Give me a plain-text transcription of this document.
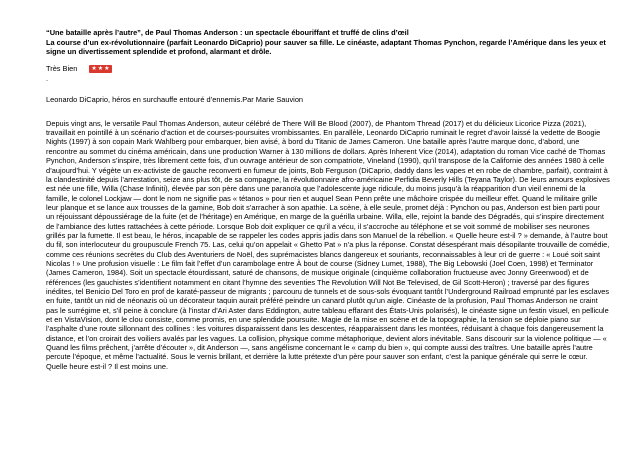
“Une bataille après l’autre”, de Paul Thomas Anderson : un spectacle ébouriffant et truffé de clins d’œil
La course d’un ex-révolutionnaire (parfait Leonardo DiCaprio) pour sauver sa fille. Le cinéaste, adaptant Thomas Pynchon, regarde l’Amérique dans les yeux et signe un divertissement splendide et profond, alarmant et drôle.

Très Bien ★ ★ ★
.
Leonardo DiCaprio, héros en surchauffe entouré d’ennemis.Par Marie Sauvion
Depuis vingt ans, le versatile Paul Thomas Anderson, auteur célébré de There Will Be Blood (2007), de Phantom Thread (2017) et du délicieux Licorice Pizza (2021), travaillait en pointillé à un scénario d’action et de courses-poursuites vrombissantes. En parallèle, Leonardo DiCaprio ruminait le regret d’avoir laissé la vedette de Boogie Nights (1997) à son copain Mark Wahlberg pour embarquer, bien avisé, à bord du Titanic de James Cameron. Une bataille après l’autre marque donc, d’abord, une rencontre au sommet du cinéma américain, dans une production Warner à 130 millions de dollars. Après Inherent Vice (2014), adaptation du roman Vice caché de Thomas Pynchon, Anderson s’inspire, très librement cette fois, d’un ouvrage antérieur de son compatriote, Vineland (1990), qu’il transpose de la Californie des années 1980 à celle d’aujourd’hui. Y végète un ex-activiste de gauche reconverti en fumeur de joints, Bob Ferguson (DiCaprio, daddy dans les vapes et en robe de chambre, parfait), contraint à la clandestinité depuis l’arrestation, seize ans plus tôt, de sa compagne, la révolutionnaire afro-américaine Perfidia Beverly Hills (Teyana Taylor). De leurs amours explosives est née une fille, Willa (Chase Infiniti), élevée par son père dans une paranoïa que l’adolescente juge ridicule, du moins jusqu’à la réapparition d’un vieil ennemi de la famille, le colonel Lockjaw — dont le nom ne signifie pas « tétanos » pour rien et auquel Sean Penn prête une mâchoire crispée du meilleur effet. Quand le militaire grille leur planque et se lance aux trousses de la gamine, Bob doit s’arracher à son apathie. La scène, à elle seule, promet déjà : Pynchon ou pas, Anderson est bien parti pour un réjouissant dépoussiérage de la fuite (et de l’héritage) en Amérique, en marge de la guérilla urbaine. Willa, elle, rejoint la bande des Dégradés, qui s’inspire directement de l’ambiance des luttes rattachées à cette période. Lorsque Bob doit expliquer ce qu’il a vécu, il s’accroche au téléphone et se voit sommé de mobiliser ses neurones grillés par la fumette. Il est beau, le héros, incapable de se rappeler les codes appris jadis dans son Manuel de la rébellion. « Quelle heure est-il ? » demande, à l’autre bout du fil, son interlocuteur du groupuscule French 75. Las, celui qu’on appelait « Ghetto Pat » n’a plus la réponse. Constat désespérant mais désopilante trouvaille de comédie, comme ces réunions secrètes du Club des Aventuriers de Noël, des suprémacistes blancs dangereux et souriants, reconnaissables à leur cri de guerre : « Loué soit saint Nicolas ! » Une profusion visuelle : Le film fait l’effet d’un carambolage entre À bout de course (Sidney Lumet, 1988), The Big Lebowski (Joel Coen, 1998) et Terminator (James Cameron, 1984). Soit un spectacle étourdissant, saturé de chansons, de musique originale (cinquième collaboration fructueuse avec Jonny Greenwood) et de références (les gauchistes s’identifient notamment en citant l’hymne des seventies The Revolution Will Not Be Televised, de Gil Scott-Heron) ; traversé par des figures inédites, tel Benicio Del Toro en prof de karaté-passeur de migrants ; parcouru de tunnels et de sous-sols évoquant tantôt l’Underground Railroad emprunté par les esclaves en fuite, tantôt un nid de néonazis où un décorateur taquin aurait préféré peindre un canard plutôt qu’un aigle. Cinéaste de la profusion, Paul Thomas Anderson ne craint pas le surrégime et, s’il peine à conclure (à l’instar d’Ari Aster dans Eddington, autre tableau effarant des États-Unis polarisés), le cinéaste signe un festin visuel, en pellicule et en VistaVision, dont le clou consiste, comme promis, en une splendide poursuite. Magie de la mise en scène et de la topographie, la tension se déploie piano sur l’asphalte d’une route sillonnant des collines : les voitures disparaissent dans les descentes, réapparaissent dans les montées, réduisant à chaque fois dangereusement la distance, et l’on croirait des voiliers avalés par les vagues. La collision, physique comme métaphorique, devient alors inévitable. Sans discourir sur la violence politique — « Quand les films prêchent, j’arrête d’écouter », dit Anderson —, sans angélisme concernant le « camp du bien », qui compte aussi des traîtres. Une bataille après l’autre percute l’époque, et même l’actualité. Sous le vernis brillant, et derrière la lutte prétexte d’un père pour sauver son enfant, c’est la panique générale qui serre le cœur. Quelle heure est-il ? Il est moins une.
